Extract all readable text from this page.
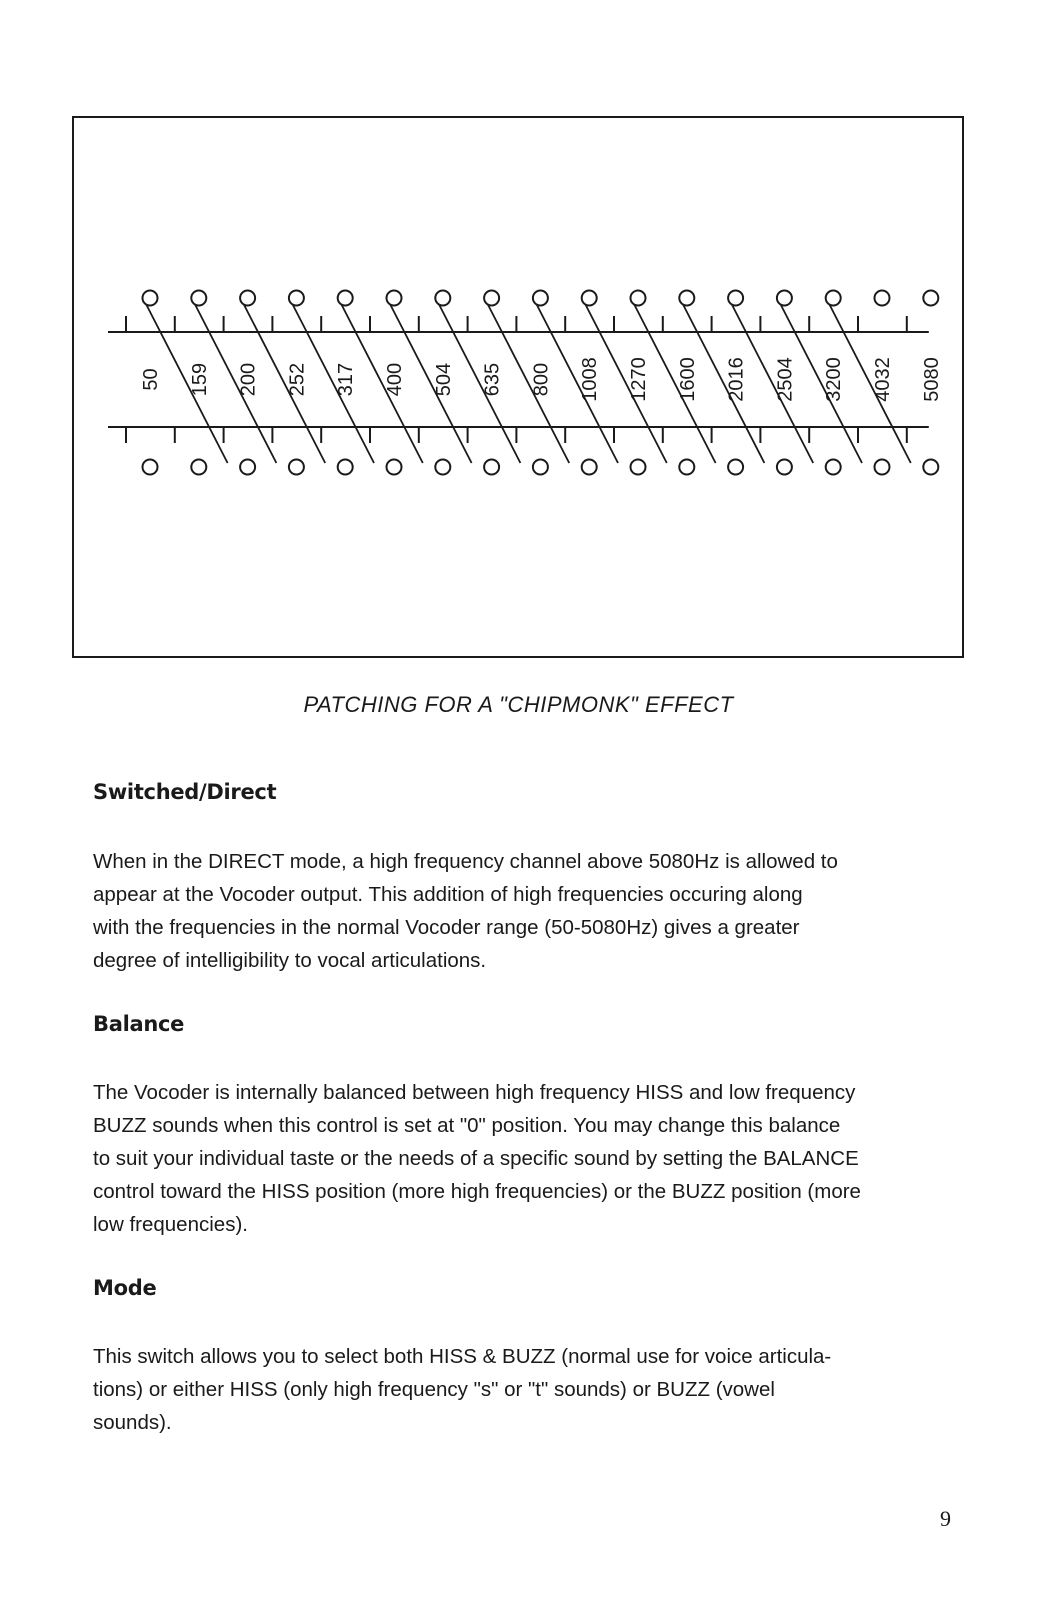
50 159 200 252 317 400 504 635 800 1008 1270 1600 2016 2504 3200 4032 5080
PATCHING FOR A "CHIPMONK" EFFECT
Switched/Direct

When in the DIRECT mode, a high frequency channel above 5080Hz is allowed to
appear at the Vocoder output. This addition of high frequencies occuring along
with the frequencies in the normal Vocoder range (50-5080Hz) gives a greater
degree of intelligibility to vocal articulations.

Balance

The Vocoder is internally balanced between high frequency HISS and low frequency
BUZZ sounds when this control is set at "0" position. You may change this balance
to suit your individual taste or the needs of a specific sound by setting the BALANCE
control toward the HISS position (more high frequencies) or the BUZZ position (more
low frequencies).

Mode

This switch allows you to select both HISS & BUZZ (normal use for voice articula-
tions) or either HISS (only high frequency "s" or "t" sounds) or BUZZ (vowel
sounds).

9
